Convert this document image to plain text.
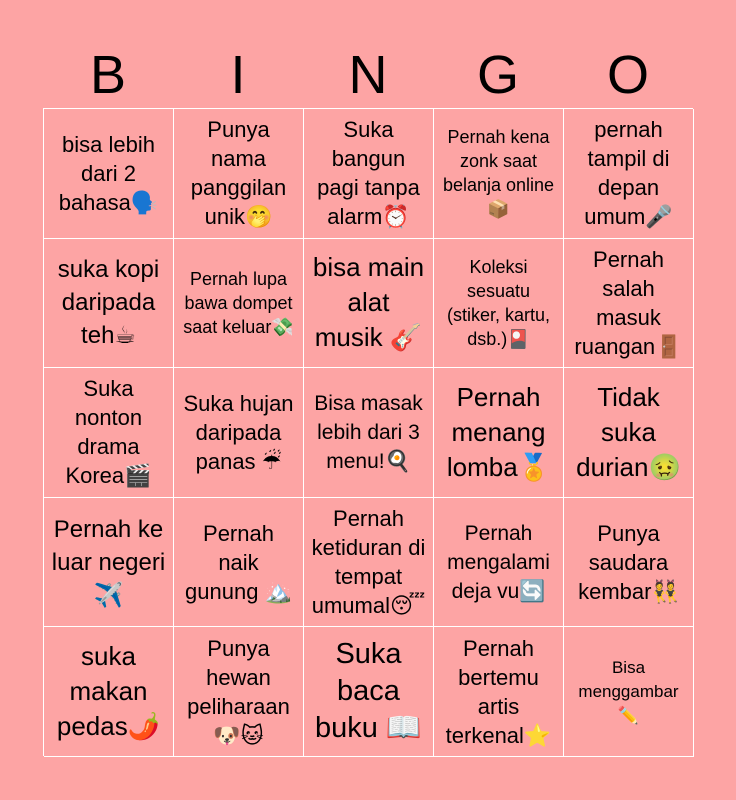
B	I	N	G	O
bisa lebih dari 2 bahasa🗣️
Punya nama panggilan unik🤭
Suka bangun pagi tanpa alarm⏰
Pernah kena zonk saat belanja online 📦
pernah tampil di depan umum🎤
suka kopi daripada teh☕
Pernah lupa bawa dompet saat keluar💸
bisa main alat musik 🎸
Koleksi sesuatu (stiker, kartu, dsb.)🎴
Pernah salah masuk ruangan🚪
Suka nonton drama Korea🎬
Suka hujan daripada panas ☔
Bisa masak lebih dari 3 menu!🍳
Pernah menang lomba🏅
Tidak suka durian🤢
Pernah ke luar negeri ✈️
Pernah naik gunung 🏔️
Pernah ketiduran di tempat umumal😴
Pernah mengalami deja vu🔄
Punya saudara kembar👯
suka makan pedas🌶️
Punya hewan peliharaan 🐶🐱
Suka baca buku 📖
Pernah bertemu artis terkenal⭐
Bisa menggambar ✏️
